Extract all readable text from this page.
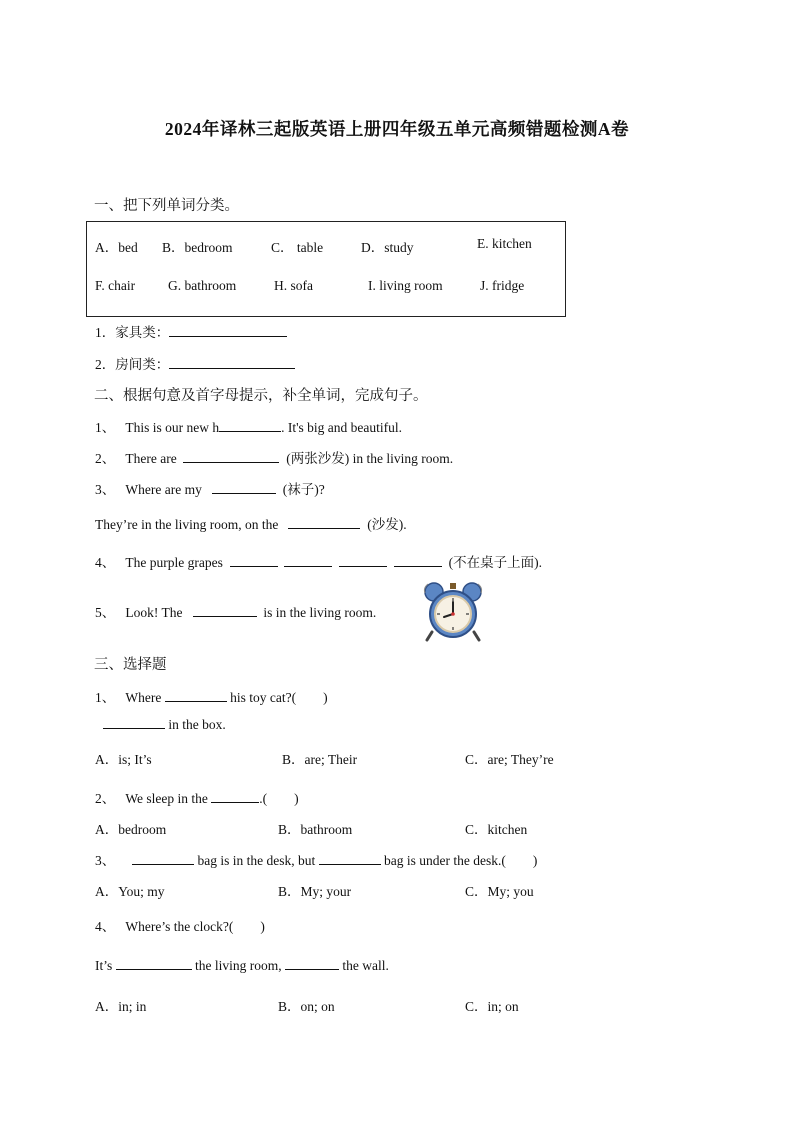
2024年译林三起版英语上册四年级五单元高频错题检测A卷
一、把下列单词分类。
A．bed B．bedroom	C． table	D．study	E. kitchen
F. chair G. bathroom	H. sofa	I. living room	J. fridge
1．家具类：
2．房间类：
二、根据句意及首字母提示，补全单词，完成句子。
1、 This is our new h	. It's big and beautiful.
2、 There are	(两张沙发) in the living room.
3、 Where are my	(袜子)?
They’re in the living room, on the	(沙发).
4、 The purple grapes	(不在桌子上面).
5、 Look! The	is in the living room.
三、选择题
1、 Where	his toy cat?( )
in the box.
A．is; It’s	B．are; Their	C．are; They’re
2、 We sleep in the	.( )
A．bedroom	B．bathroom	C．kitchen
3、	bag is in the desk, but	bag is under the desk.( )
A．You; my	B．My; your	C．My; you
4、 Where’s the clock?( )
It’s	the living room,	the wall.
A．in; in	B．on; on	C．in; on
